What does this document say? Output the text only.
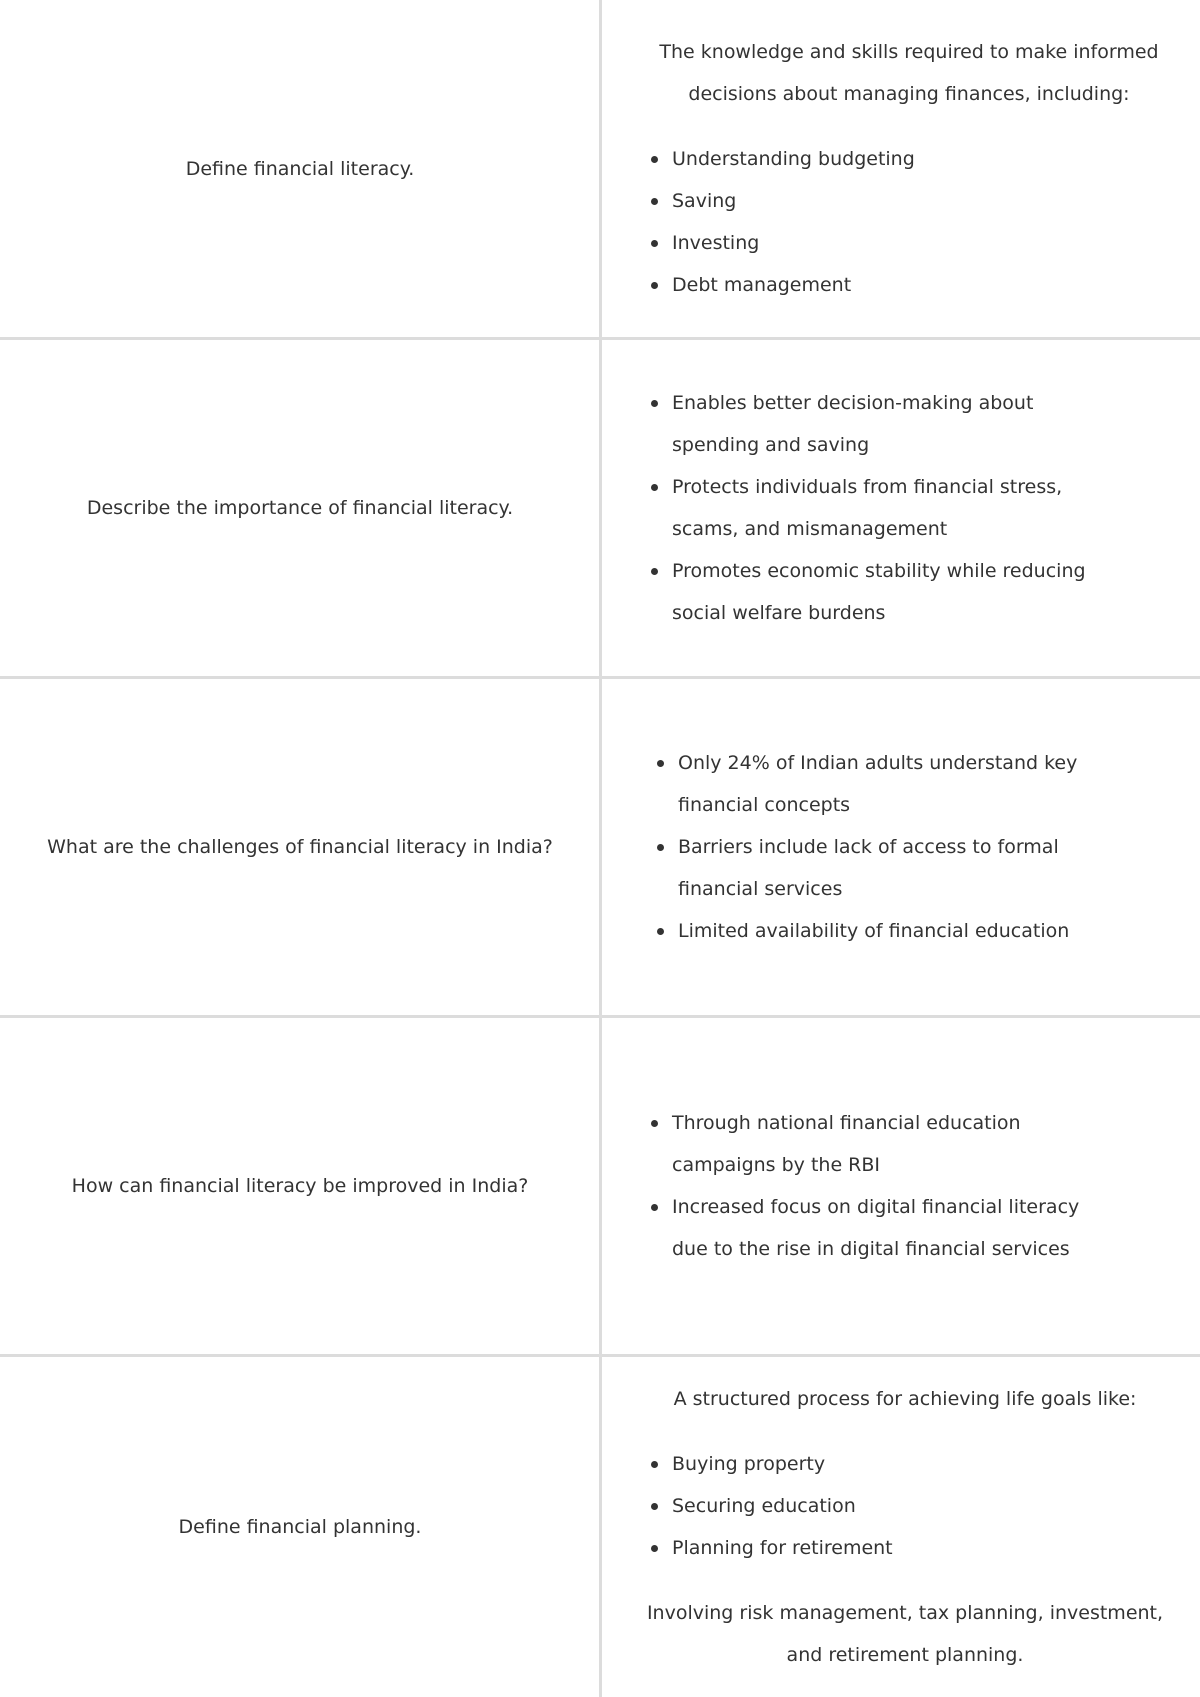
Define financial literacy.

The knowledge and skills required to make informed decisions about managing finances, including:

Understanding budgeting
Saving
Investing
Debt management
Describe the importance of financial literacy.
Enables better decision-making about spending and saving
Protects individuals from financial stress, scams, and mismanagement
Promotes economic stability while reducing social welfare burdens
What are the challenges of financial literacy in India?
Only 24% of Indian adults understand key financial concepts
Barriers include lack of access to formal financial services
Limited availability of financial education
How can financial literacy be improved in India?
Through national financial education campaigns by the RBI
Increased focus on digital financial literacy due to the rise in digital financial services
Define financial planning.

A structured process for achieving life goals like:

Buying property
Securing education
Planning for retirement

Involving risk management, tax planning, investment, and retirement planning.
